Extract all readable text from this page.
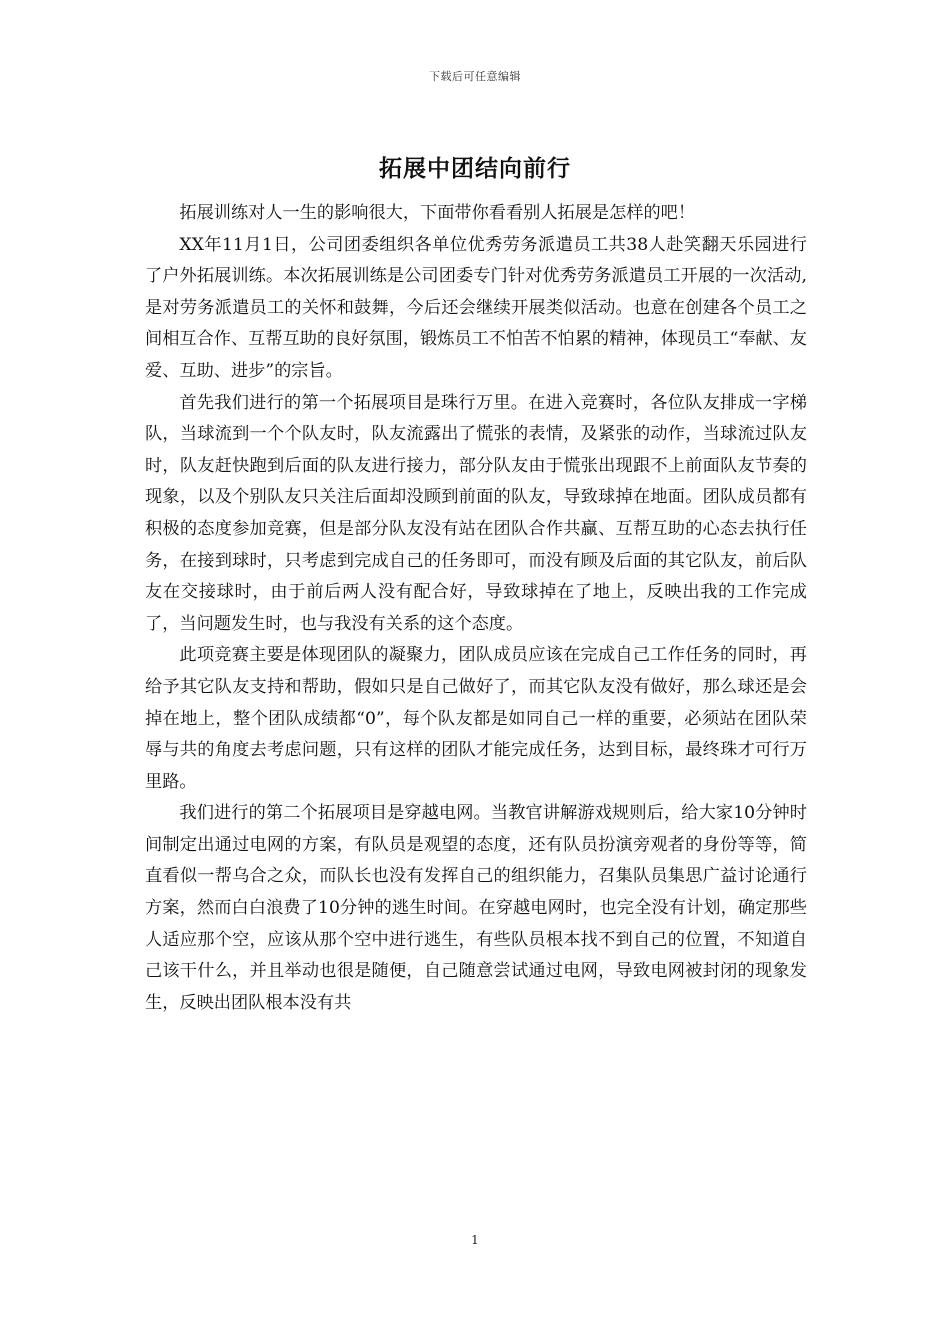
下载后可任意编辑
拓展中团结向前行

拓展训练对人一生的影响很大，下面带你看看别人拓展是怎样的吧！

XX年11月1日，公司团委组织各单位优秀劳务派遣员工共38人赴笑翻天乐园进行了户外拓展训练。本次拓展训练是公司团委专门针对优秀劳务派遣员工开展的一次活动,是对劳务派遣员工的关怀和鼓舞，今后还会继续开展类似活动。也意在创建各个员工之间相互合作、互帮互助的良好氛围，锻炼员工不怕苦不怕累的精神，体现员工“奉献、友爱、互助、进步”的宗旨。

首先我们进行的第一个拓展项目是珠行万里。在进入竞赛时，各位队友排成一字梯队，当球流到一个个队友时，队友流露出了慌张的表情，及紧张的动作，当球流过队友时，队友赶快跑到后面的队友进行接力，部分队友由于慌张出现跟不上前面队友节奏的现象，以及个别队友只关注后面却没顾到前面的队友，导致球掉在地面。团队成员都有积极的态度参加竞赛，但是部分队友没有站在团队合作共赢、互帮互助的心态去执行任务，在接到球时，只考虑到完成自己的任务即可，而没有顾及后面的其它队友，前后队友在交接球时，由于前后两人没有配合好，导致球掉在了地上，反映出我的工作完成了，当问题发生时，也与我没有关系的这个态度。

此项竞赛主要是体现团队的凝聚力，团队成员应该在完成自己工作任务的同时，再给予其它队友支持和帮助，假如只是自己做好了，而其它队友没有做好，那么球还是会掉在地上，整个团队成绩都“0”，每个队友都是如同自己一样的重要，必须站在团队荣辱与共的角度去考虑问题，只有这样的团队才能完成任务，达到目标，最终珠才可行万里路。

我们进行的第二个拓展项目是穿越电网。当教官讲解游戏规则后，给大家10分钟时间制定出通过电网的方案，有队员是观望的态度，还有队员扮演旁观者的身份等等，简直看似一帮乌合之众，而队长也没有发挥自己的组织能力，召集队员集思广益讨论通行方案，然而白白浪费了10分钟的逃生时间。在穿越电网时，也完全没有计划，确定那些人适应那个空，应该从那个空中进行逃生，有些队员根本找不到自己的位置，不知道自己该干什么，并且举动也很是随便，自己随意尝试通过电网，导致电网被封闭的现象发生，反映出团队根本没有共

1
